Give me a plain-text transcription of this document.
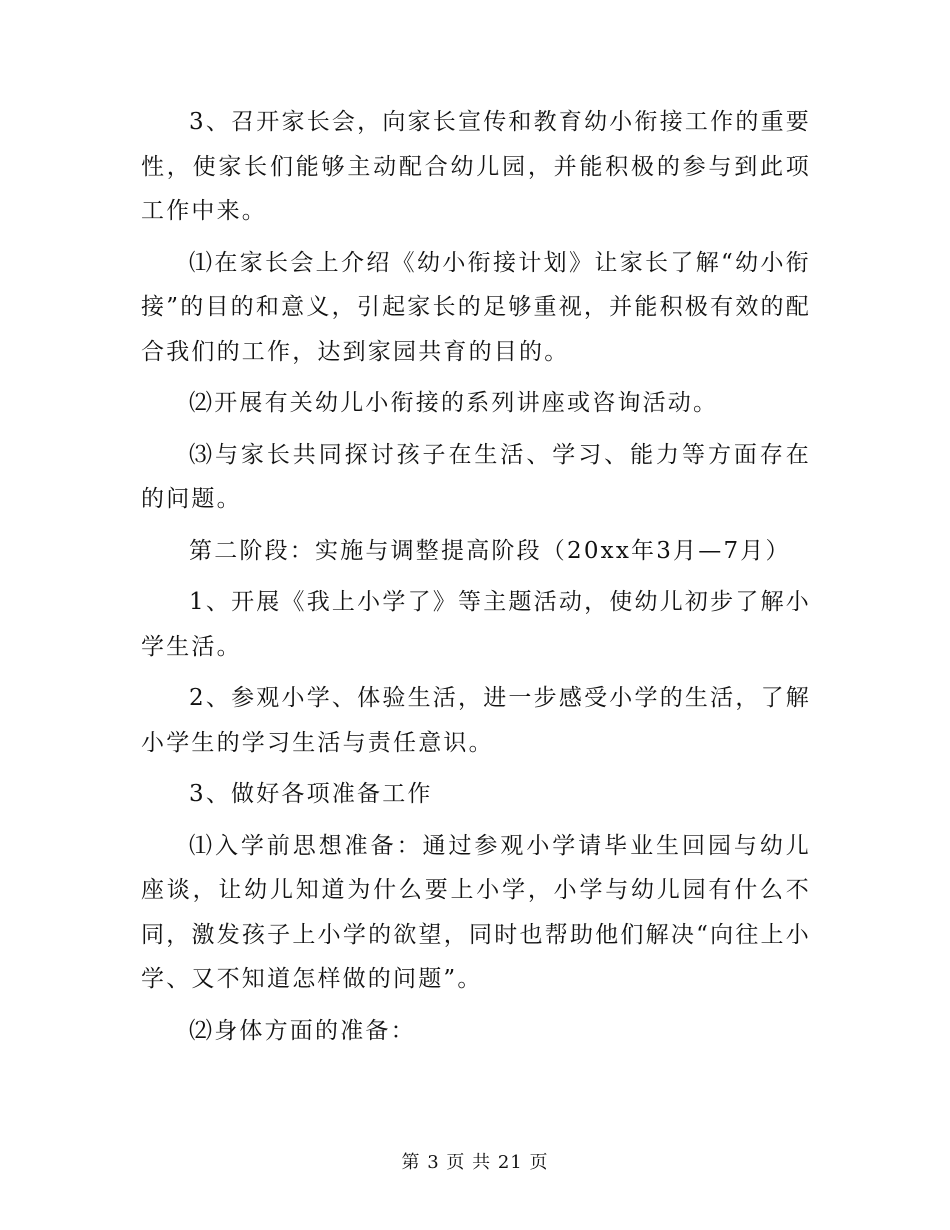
3、召开家长会，向家长宣传和教育幼小衔接工作的重要性，使家长们能够主动配合幼儿园，并能积极的参与到此项工作中来。

⑴在家长会上介绍《幼小衔接计划》让家长了解“幼小衔接”的目的和意义，引起家长的足够重视，并能积极有效的配合我们的工作，达到家园共育的目的。

⑵开展有关幼儿小衔接的系列讲座或咨询活动。

⑶与家长共同探讨孩子在生活、学习、能力等方面存在的问题。

第二阶段：实施与调整提高阶段（20xx年3月—7月）

1、开展《我上小学了》等主题活动，使幼儿初步了解小学生活。

2、参观小学、体验生活，进一步感受小学的生活，了解小学生的学习生活与责任意识。

3、做好各项准备工作

⑴入学前思想准备：通过参观小学请毕业生回园与幼儿座谈，让幼儿知道为什么要上小学，小学与幼儿园有什么不同，激发孩子上小学的欲望，同时也帮助他们解决“向往上小学、又不知道怎样做的问题”。

⑵身体方面的准备：

第 3 页 共 21 页
